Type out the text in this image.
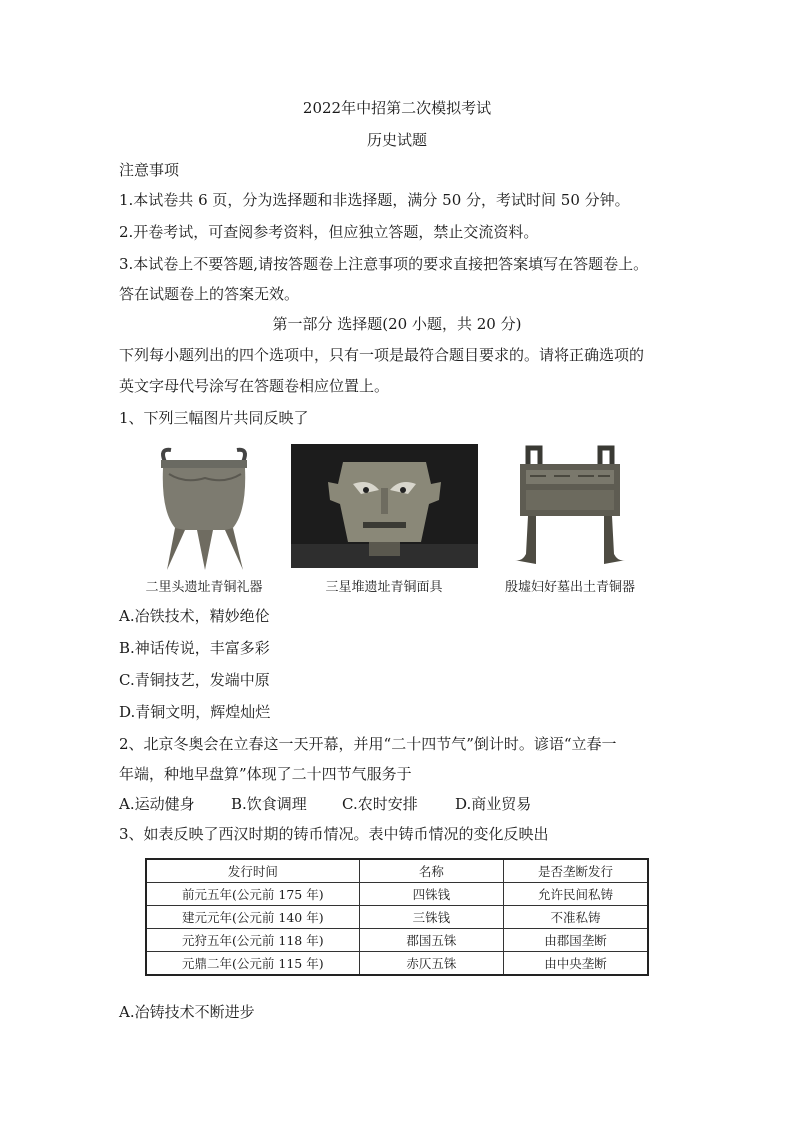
2022年中招第二次模拟考试
历史试题
注意事项
1.本试卷共 6 页，分为选择题和非选择题，满分 50 分，考试时间 50 分钟。
2.开卷考试，可查阅参考资料，但应独立答题，禁止交流资料。
3.本试卷上不要答题,请按答题卷上注意事项的要求直接把答案填写在答题卷上。
答在试题卷上的答案无效。
第一部分 选择题(20 小题，共 20 分)
下列每小题列出的四个选项中，只有一项是最符合题目要求的。请将正确选项的
英文字母代号涂写在答题卷相应位置上。
1、下列三幅图片共同反映了
二里头遗址青铜礼器	三星堆遗址青铜面具	殷墟妇好墓出土青铜器
A.冶铁技术，精妙绝伦
B.神话传说，丰富多彩
C.青铜技艺，发端中原
D.青铜文明，辉煌灿烂
2、北京冬奥会在立春这一天开幕，并用“二十四节气”倒计时。谚语“立春一
年端，种地早盘算”体现了二十四节气服务于
A.运动健身 B.饮食调理 C.农时安排 D.商业贸易
3、如表反映了西汉时期的铸币情况。表中铸币情况的变化反映出
发行时间	名称	是否垄断发行
前元五年(公元前 175 年)	四铢钱	允许民间私铸
建元元年(公元前 140 年)	三铢钱	不准私铸
元狩五年(公元前 118 年)	郡国五铢	由郡国垄断
元鼎二年(公元前 115 年)	赤仄五铢	由中央垄断
A.冶铸技术不断进步
